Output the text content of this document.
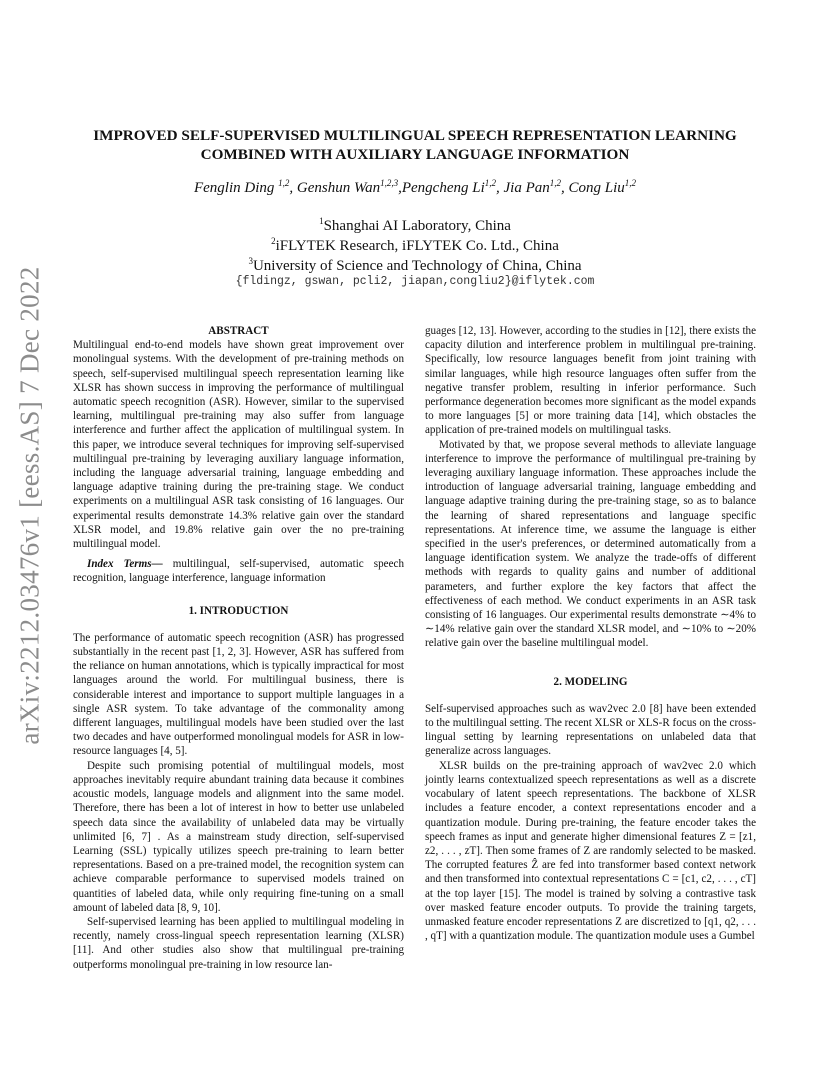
arXiv:2212.03476v1 [eess.AS] 7 Dec 2022
IMPROVED SELF-SUPERVISED MULTILINGUAL SPEECH REPRESENTATION LEARNING
COMBINED WITH AUXILIARY LANGUAGE INFORMATION
Fenglin Ding $^{1,2}$, Genshun Wan$^{1,2,3}$,Pengcheng Li$^{1,2}$, Jia Pan$^{1,2}$, Cong Liu$^{1,2}$
$^1$Shanghai AI Laboratory, China
$^2$iFLYTEK Research, iFLYTEK Co. Ltd., China
$^3$University of Science and Technology of China, China
{fldingz, gswan, pcli2, jiapan,congliu2}@iflytek.com

ABSTRACT

Multilingual end-to-end models have shown great improvement over monolingual systems. With the development of pre-training methods on speech, self-supervised multilingual speech representation learning like XLSR has shown success in improving the performance of multilingual automatic speech recognition (ASR). However, similar to the supervised learning, multilingual pre-training may also suffer from language interference and further affect the application of multilingual system. In this paper, we introduce several techniques for improving self-supervised multilingual pre-training by leveraging auxiliary language information, including the language adversarial training, language embedding and language adaptive training during the pre-training stage. We conduct experiments on a multilingual ASR task consisting of 16 languages. Our experimental results demonstrate 14.3% relative gain over the standard XLSR model, and 19.8% relative gain over the no pre-training multilingual model.

Index Terms— multilingual, self-supervised, automatic speech recognition, language interference, language information

1. INTRODUCTION

The performance of automatic speech recognition (ASR) has progressed substantially in the recent past [1, 2, 3]. However, ASR has suffered from the reliance on human annotations, which is typically impractical for most languages around the world. For multilingual business, there is considerable interest and importance to support multiple languages in a single ASR system. To take advantage of the commonality among different languages, multilingual models have been studied over the last two decades and have outperformed monolingual models for ASR in low-resource languages [4, 5].

Despite such promising potential of multilingual models, most approaches inevitably require abundant training data because it combines acoustic models, language models and alignment into the same model. Therefore, there has been a lot of interest in how to better use unlabeled speech data since the availability of unlabeled data may be virtually unlimited [6, 7] . As a mainstream study direction, self-supervised Learning (SSL) typically utilizes speech pre-training to learn better representations. Based on a pre-trained model, the recognition system can achieve comparable performance to supervised models trained on quantities of labeled data, while only requiring fine-tuning on a small amount of labeled data [8, 9, 10].

Self-supervised learning has been applied to multilingual modeling in recently, namely cross-lingual speech representation learning (XLSR) [11]. And other studies also show that multilingual pre-training outperforms monolingual pre-training in low resource lan-

guages [12, 13]. However, according to the studies in [12], there exists the capacity dilution and interference problem in multilingual pre-training. Specifically, low resource languages benefit from joint training with similar languages, while high resource languages often suffer from the negative transfer problem, resulting in inferior performance. Such performance degeneration becomes more significant as the model expands to more languages [5] or more training data [14], which obstacles the application of pre-trained models on multilingual tasks.

Motivated by that, we propose several methods to alleviate language interference to improve the performance of multilingual pre-training by leveraging auxiliary language information. These approaches include the introduction of language adversarial training, language embedding and language adaptive training during the pre-training stage, so as to balance the learning of shared representations and language specific representations. At inference time, we assume the language is either specified in the user's preferences, or determined automatically from a language identification system. We analyze the trade-offs of different methods with regards to quality gains and number of additional parameters, and further explore the key factors that affect the effectiveness of each method. We conduct experiments in an ASR task consisting of 16 languages. Our experimental results demonstrate ∼4% to ∼14% relative gain over the standard XLSR model, and ∼10% to ∼20% relative gain over the baseline multilingual model.

2. MODELING

Self-supervised approaches such as wav2vec 2.0 [8] have been extended to the multilingual setting. The recent XLSR or XLS-R focus on the cross-lingual setting by learning representations on unlabeled data that generalize across languages.

XLSR builds on the pre-training approach of wav2vec 2.0 which jointly learns contextualized speech representations as well as a discrete vocabulary of latent speech representations. The backbone of XLSR includes a feature encoder, a context representations encoder and a quantization module. During pre-training, the feature encoder takes the speech frames as input and generate higher dimensional features Z = [z1, z2, . . . , zT]. Then some frames of Z are randomly selected to be masked. The corrupted features Ẑ are fed into transformer based context network and then transformed into contextual representations C = [c1, c2, . . . , cT] at the top layer [15]. The model is trained by solving a contrastive task over masked feature encoder outputs. To provide the training targets, unmasked feature encoder representations Z are discretized to [q1, q2, . . . , qT] with a quantization module. The quantization module uses a Gumbel
